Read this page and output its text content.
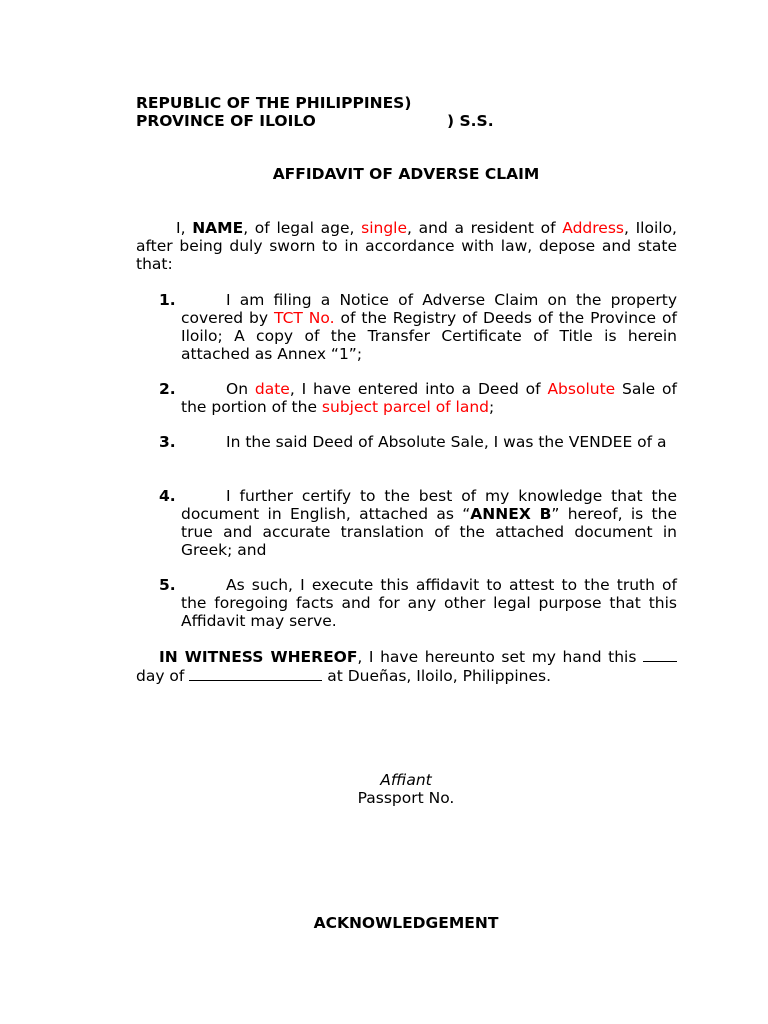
REPUBLIC OF THE PHILIPPINES)
PROVINCE OF ILOILO	) S.S.
AFFIDAVIT OF ADVERSE CLAIM
I, NAME, of legal age, single, and a resident of Address, Iloilo, after being duly sworn to in accordance with law, depose and state that:
1.	I am filing a Notice of Adverse Claim on the property covered by TCT No. of the Registry of Deeds of the Province of Iloilo; A copy of the Transfer Certificate of Title is herein attached as Annex “1”;
2.	On date, I have entered into a Deed of Absolute Sale of the portion of the subject parcel of land;
3.	In the said Deed of Absolute Sale, I was the VENDEE of a
4.	I further certify to the best of my knowledge that the document in English, attached as “ANNEX B” hereof, is the true and accurate translation of the attached document in Greek; and
5.	As such, I execute this affidavit to attest to the truth of the foregoing facts and for any other legal purpose that this Affidavit may serve.
IN WITNESS WHEREOF, I have hereunto set my hand this  day of	at Dueñas, Iloilo, Philippines.
Affiant
Passport No.
ACKNOWLEDGEMENT
